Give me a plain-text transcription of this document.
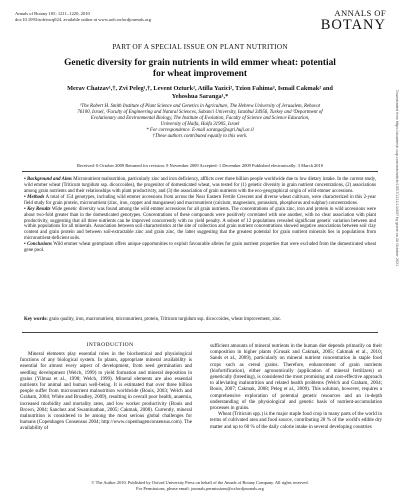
Annals of Botany 105: 1211–1220, 2010
doi:10.1093/aob/mcq024, available online at www.aob.oxfordjournals.org
ANNALS OF
BOTANY
Downloaded from https://academic.oup.com/aob/article/105/7/1211/144037 by guest on 26 October 2021
PART OF A SPECIAL ISSUE ON PLANT NUTRITION
Genetic diversity for grain nutrients in wild emmer wheat: potential
for wheat improvement
Merav Chatzav¹,†, Zvi Peleg¹,†, Levent Ozturk², Atilla Yazici², Tzion Fahima³, Ismail Cakmak² and
Yehoshua Saranga¹,*
¹The Robert H. Smith Institute of Plant Science and Genetics in Agriculture, The Hebrew University of Jerusalem, Rehovot
76100, Israel, ²Faculty of Engineering and Natural Sciences, Sabanci University, Istanbul 34956, Turkey and ³Department of
Evolutionary and Environmental Biology, The Institute of Evolution, Faculty of Science and Science Education,
University of Haifa, Haifa 31905, Israel
* For correspondence. E-mail saranga@agri.huji.ac.il
†These authors contributed equally to this work.
Received: 6 October 2009 Returned for revision: 9 November 2009 Accepted: 1 December 2009 Published electronically: 3 March 2010

• Background and Aims Micronutrient malnutrition, particularly zinc and iron deficiency, afflicts over three billion people worldwide due to low dietary intake. In the current study, wild emmer wheat (Triticum turgidum ssp. dicoccoides), the progenitor of domesticated wheat, was tested for (1) genetic diversity in grain nutrient concentrations, (2) associations among grain nutrients and their relationships with plant productivity, and (3) the association of grain nutrients with the eco-geographical origin of wild emmer accessions.

• Methods A total of 154 genotypes, including wild emmer accessions from across the Near Eastern Fertile Crescent and diverse wheat cultivars, were characterized in this 2-year field study for grain protein, micronutrient (zinc, iron, copper and manganese) and macronutrient (calcium, magnesium, potassium, phosphorus and sulphur) concentrations.

• Key Results Wide genetic diversity was found among the wild emmer accessions for all grain nutrients. The concentrations of grain zinc, iron and protein in wild accessions were about two-fold greater than in the domesticated genotypes. Concentrations of these compounds were positively correlated with one another, with no clear association with plant productivity, suggesting that all three nutrients can be improved concurrently with no yield penalty. A subset of 12 populations revealed significant genetic variation between and within populations for all minerals. Association between soil characteristics at the site of collection and grain nutrient concentrations showed negative associations between soil clay content and grain protein and between soil-extractable zinc and grain zinc, the latter suggesting that the greatest potential for grain nutrient minerals lies in populations from micronutrient-deficient soils.

• Conclusions Wild emmer wheat germplasm offers unique opportunities to exploit favourable alleles for grain nutrient properties that were excluded from the domesticated wheat gene pool.

Key words: grain quality, iron, macronutrient, micronutrient, protein, Triticum turgidum ssp. dicoccoides, wheat improvement, zinc.
INTRODUCTION

Mineral elements play essential roles in the biochemical and physiological functions of any biological system. In plants, appropriate mineral availability is essential for almost every aspect of development, from seed germination and seedling development (Welch, 1999) to yield formation and mineral deposition in grains (Yilmaz et al., 1998; Welch, 1999). Mineral elements are also essential nutrients for animal and human well-being. It is estimated that over three billion people suffer from micronutrient malnutrition worldwide (Bouis, 2003; Welch and Graham, 2004; White and Broadley, 2009), resulting in overall poor health, anaemia, increased morbidity and mortality rates, and low worker productivity (Bouis and Brown, 2004; Sanchez and Swaminathan, 2005; Cakmak, 2008). Currently, mineral malnutrition is considered to be among the most serious global challenges for humans (Copenhagen Consensus 2004; http://www.copenhagenconsensus.com). The availability of

sufficient amounts of mineral nutrients in the human diet depends primarily on their composition in higher plants (Grusak and Cakmak, 2005; Cakmak et al., 2010; Sands et al., 2009), particularly on mineral nutrient concentration in staple food crops such as cereal grains. Therefore, enhancement of grain nutrients (biofortification), either agronomically (application of mineral fertilizers) or genetically (breeding), is considered the most promising and cost-effective approach to alleviating malnutrition and related health problems (Welch and Graham, 2004; Bouis, 2007; Cakmak, 2008; Peleg et al., 2009). This solution, however, requires a comprehensive exploration of potential genetic resources and an in-depth understanding of the physiological and genetic basis of nutrient-accumulation processes in grains.

Wheat (Triticum spp.) is the major staple food crop in many parts of the world in terms of cultivated area and food source, contributing 28 % of the world's edible dry matter and up to 60 % of the daily calorie intake in several developing countries

© The Author 2010. Published by Oxford University Press on behalf of the Annals of Botany Company. All rights reserved.
For Permissions, please email: journals.permissions@oxfordjournals.org
